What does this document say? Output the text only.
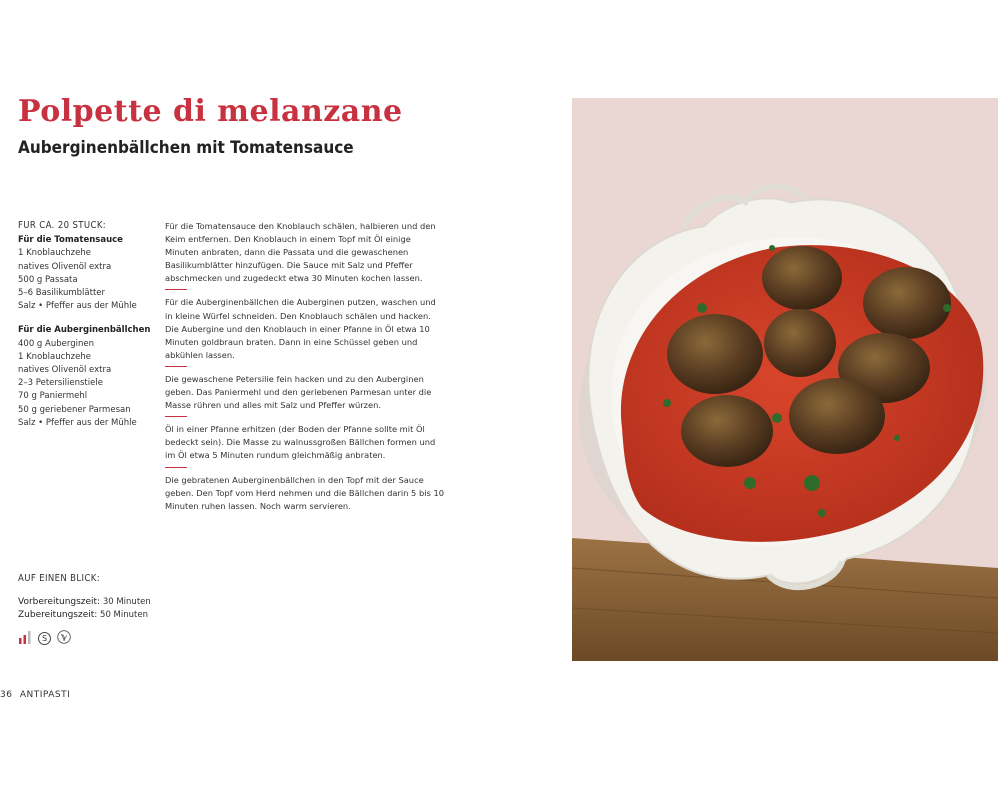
Polpette di melanzane
Auberginenbällchen mit Tomatensauce
FÜR CA. 20 STÜCK:
Für die Tomatensauce
1 Knoblauchzehe
natives Olivenöl extra
500 g Passata
5–6 Basilikumblätter
Salz • Pfeffer aus der Mühle
Für die Auberginenbällchen
400 g Auberginen
1 Knoblauchzehe
natives Olivenöl extra
2–3 Petersilienstiele
70 g Paniermehl
50 g geriebener Parmesan
Salz • Pfeffer aus der Mühle

Für die Tomatensauce den Knoblauch schälen, halbieren und den Keim entfernen. Den Knoblauch in einem Topf mit Öl einige Minuten anbraten, dann die Passata und die gewaschenen Basilikumblätter hinzufügen. Die Sauce mit Salz und Pfeffer abschmecken und zugedeckt etwa 30 Minuten kochen lassen.

Für die Auberginenbällchen die Auberginen putzen, waschen und in kleine Würfel schneiden. Den Knoblauch schälen und hacken. Die Aubergine und den Knoblauch in einer Pfanne in Öl etwa 10 Minuten goldbraun braten. Dann in eine Schüssel geben und abkühlen lassen.

Die gewaschene Petersilie fein hacken und zu den Auberginen geben. Das Paniermehl und den geriebenen Parmesan unter die Masse rühren und alles mit Salz und Pfeffer würzen.

Öl in einer Pfanne erhitzen (der Boden der Pfanne sollte mit Öl bedeckt sein). Die Masse zu walnussgroßen Bällchen formen und im Öl etwa 5 Minuten rundum gleichmäßig anbraten.

Die gebratenen Auberginenbällchen in den Topf mit der Sauce geben. Den Topf vom Herd nehmen und die Bällchen darin 5 bis 10 Minuten ruhen lassen. Noch warm servieren.

AUF EINEN BLICK:
Vorbereitungszeit: 30 Minuten
Zubereitungszeit: 50 Minuten
S
36 ANTIPASTI
